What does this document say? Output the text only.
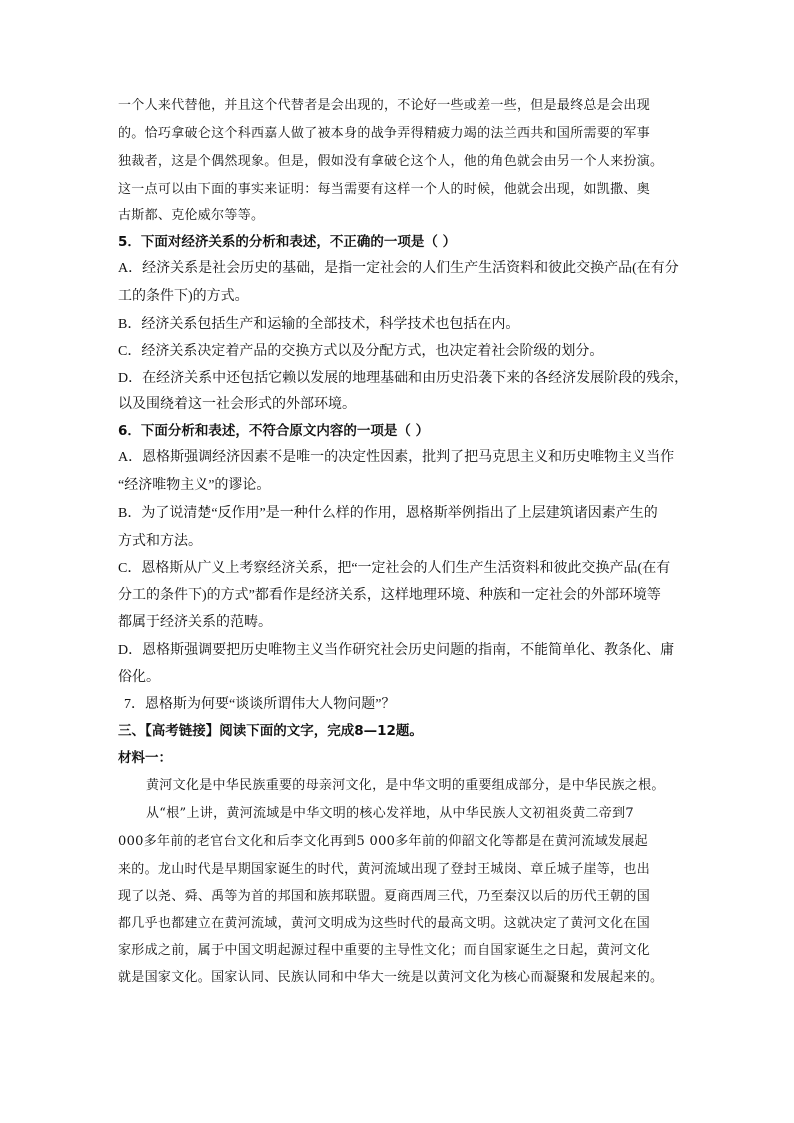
一个人来代替他，并且这个代替者是会出现的，不论好一些或差一些，但是最终总是会出现
的。恰巧拿破仑这个科西嘉人做了被本身的战争弄得精疲力竭的法兰西共和国所需要的军事
独裁者，这是个偶然现象。但是，假如没有拿破仑这个人，他的角色就会由另一个人来扮演。
这一点可以由下面的事实来证明：每当需要有这样一个人的时候，他就会出现，如凯撒、奥
古斯都、克伦威尔等等。
5．下面对经济关系的分析和表述，不正确的一项是（ ）
A．经济关系是社会历史的基础，是指一定社会的人们生产生活资料和彼此交换产品(在有分
工的条件下)的方式。
B．经济关系包括生产和运输的全部技术，科学技术也包括在内。
C．经济关系决定着产品的交换方式以及分配方式，也决定着社会阶级的划分。
D．在经济关系中还包括它赖以发展的地理基础和由历史沿袭下来的各经济发展阶段的残余，
以及围绕着这一社会形式的外部环境。
6．下面分析和表述，不符合原文内容的一项是（ ）
A．恩格斯强调经济因素不是唯一的决定性因素，批判了把马克思主义和历史唯物主义当作
“经济唯物主义”的谬论。
B．为了说清楚“反作用”是一种什么样的作用，恩格斯举例指出了上层建筑诸因素产生的
方式和方法。
C．恩格斯从广义上考察经济关系，把“一定社会的人们生产生活资料和彼此交换产品(在有
分工的条件下)的方式”都看作是经济关系，这样地理环境、种族和一定社会的外部环境等
都属于经济关系的范畴。
D．恩格斯强调要把历史唯物主义当作研究社会历史问题的指南，不能简单化、教条化、庸
俗化。
7．恩格斯为何要“谈谈所谓伟大人物问题”？
三、【高考链接】阅读下面的文字，完成8—12题。
材料一：
黄河文化是中华民族重要的母亲河文化，是中华文明的重要组成部分，是中华民族之根。
从“根”上讲，黄河流域是中华文明的核心发祥地，从中华民族人文初祖炎黄二帝到7
000多年前的老官台文化和后李文化再到5 000多年前的仰韶文化等都是在黄河流域发展起
来的。龙山时代是早期国家诞生的时代，黄河流域出现了登封王城岗、章丘城子崖等，也出
现了以尧、舜、禹等为首的邦国和族邦联盟。夏商西周三代，乃至秦汉以后的历代王朝的国
都几乎也都建立在黄河流域，黄河文明成为这些时代的最高文明。这就决定了黄河文化在国
家形成之前，属于中国文明起源过程中重要的主导性文化；而自国家诞生之日起，黄河文化
就是国家文化。国家认同、民族认同和中华大一统是以黄河文化为核心而凝聚和发展起来的。
